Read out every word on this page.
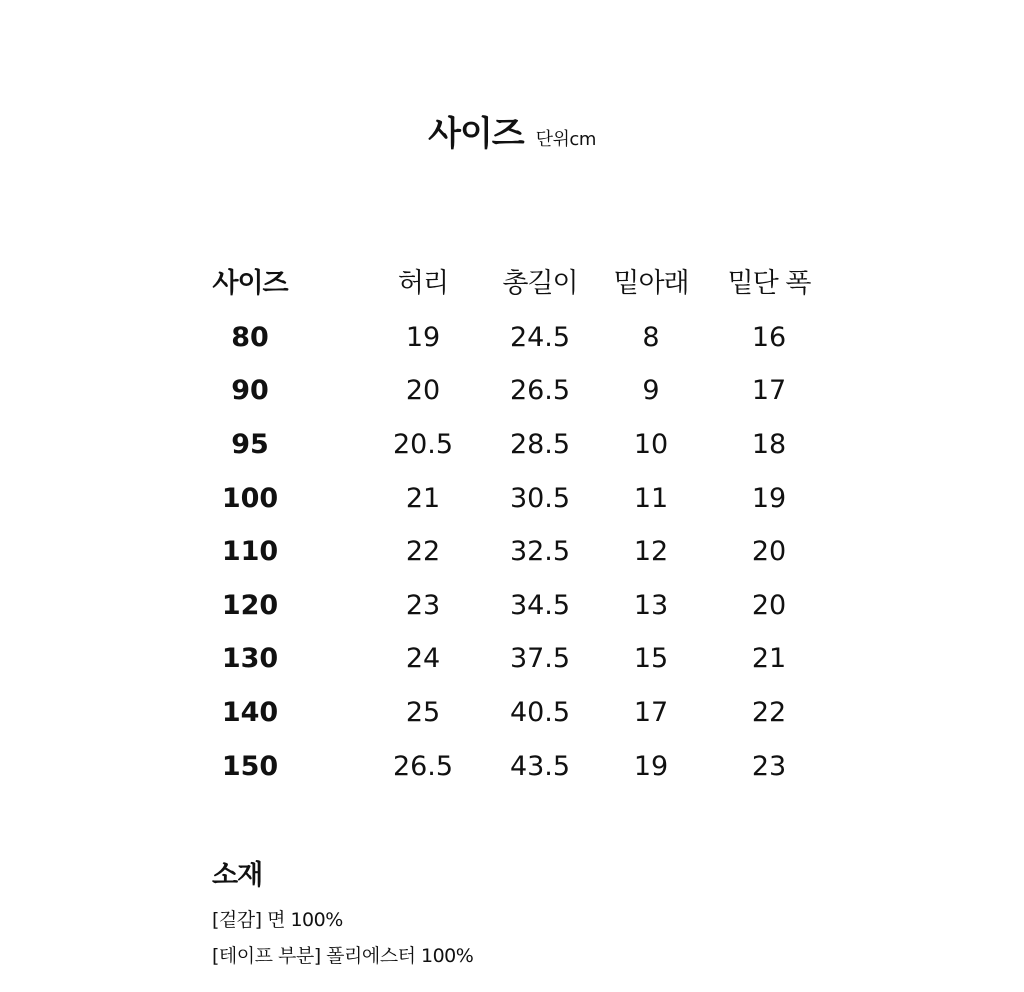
사이즈 단위cm
사이즈	허리	총길이	밑아래	밑단 폭
80	19	24.5	8	16
90	20	26.5	9	17
95	20.5	28.5	10	18
100	21	30.5	11	19
110	22	32.5	12	20
120	23	34.5	13	20
130	24	37.5	15	21
140	25	40.5	17	22
150	26.5	43.5	19	23
소재
[겉감] 면 100%
[테이프 부분] 폴리에스터 100%
